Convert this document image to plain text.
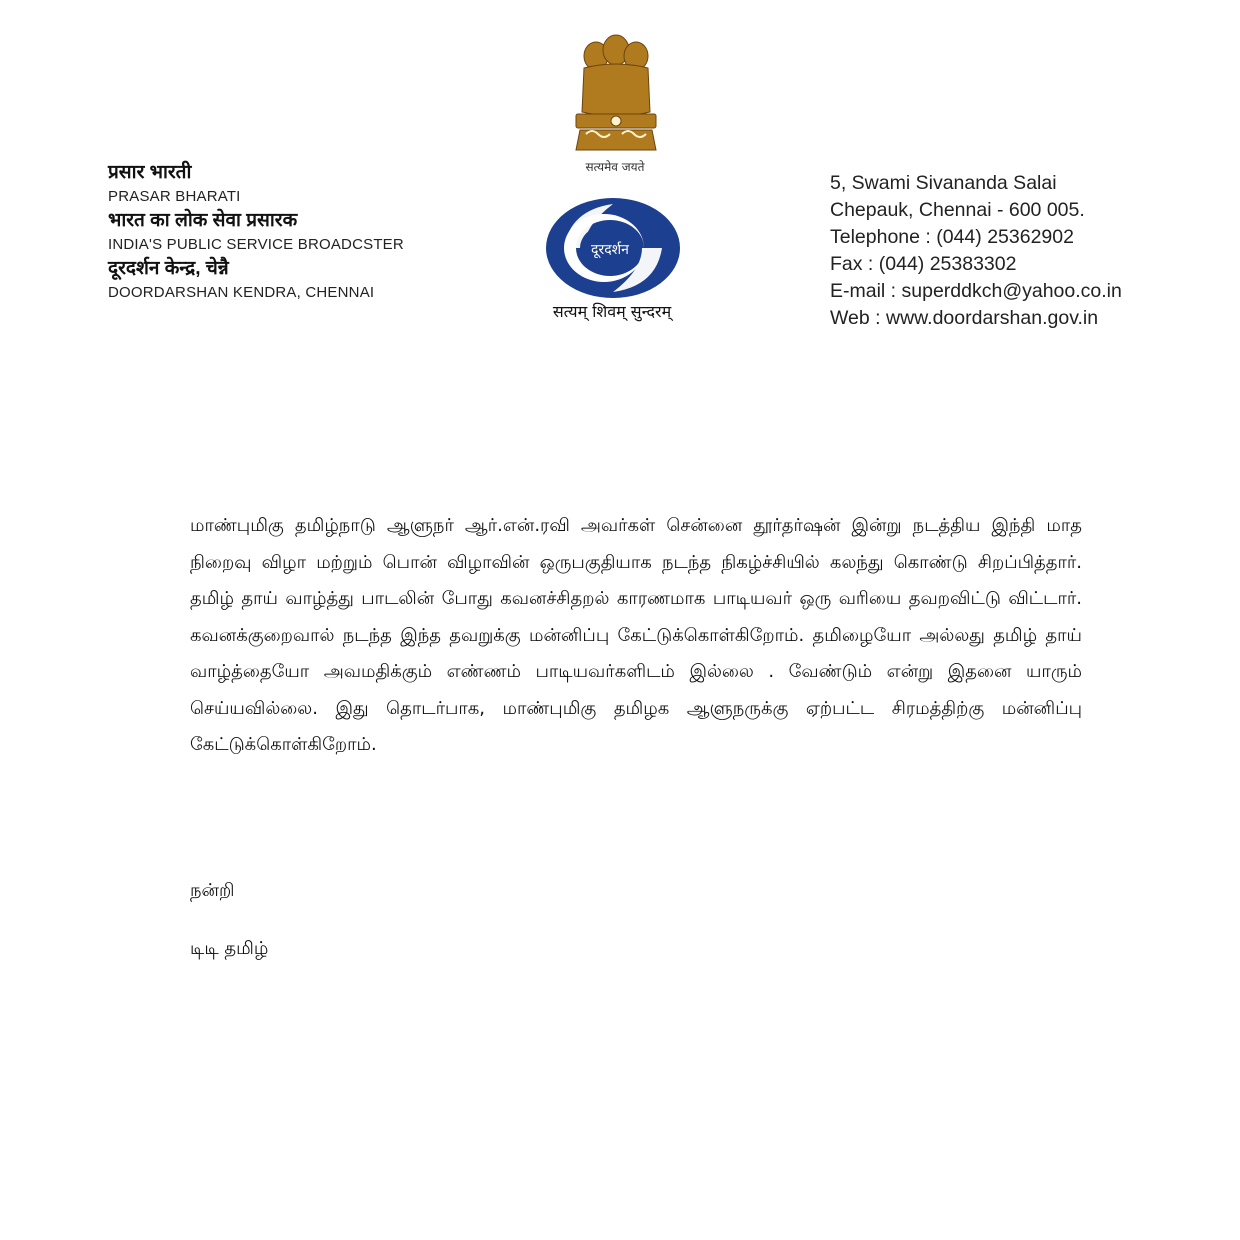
प्रसार भारती
PRASAR BHARATI
भारत का लोक सेवा प्रसारक
INDIA'S PUBLIC SERVICE BROADCSTER
दूरदर्शन केन्द्र, चेन्नै
DOORDARSHAN KENDRA, CHENNAI
सत्यमेव जयते
दूरदर्शन
सत्यम् शिवम् सुन्दरम्
5, Swami Sivananda Salai
Chepauk, Chennai - 600 005.
Telephone : (044) 25362902
Fax : (044) 25383302
E-mail : superddkch@yahoo.co.in
Web : www.doordarshan.gov.in
மாண்புமிகு தமிழ்நாடு ஆளுநர் ஆர்.என்.ரவி அவர்கள் சென்னை தூர்தர்ஷன் இன்று நடத்திய இந்தி மாத நிறைவு விழா மற்றும் பொன் விழாவின் ஒருபகுதியாக நடந்த நிகழ்ச்சியில் கலந்து கொண்டு சிறப்பித்தார். தமிழ் தாய் வாழ்த்து பாடலின் போது கவனச்சிதறல் காரணமாக பாடியவர் ஒரு வரியை தவறவிட்டு விட்டார். கவனக்குறைவால் நடந்த இந்த தவறுக்கு மன்னிப்பு கேட்டுக்கொள்கிறோம். தமிழையோ அல்லது தமிழ் தாய் வாழ்த்தையோ அவமதிக்கும் எண்ணம் பாடியவர்களிடம் இல்லை . வேண்டும் என்று இதனை யாரும் செய்யவில்லை. இது தொடர்பாக, மாண்புமிகு தமிழக ஆளுநருக்கு ஏற்பட்ட சிரமத்திற்கு மன்னிப்பு கேட்டுக்கொள்கிறோம்.
நன்றி
டிடி தமிழ்
